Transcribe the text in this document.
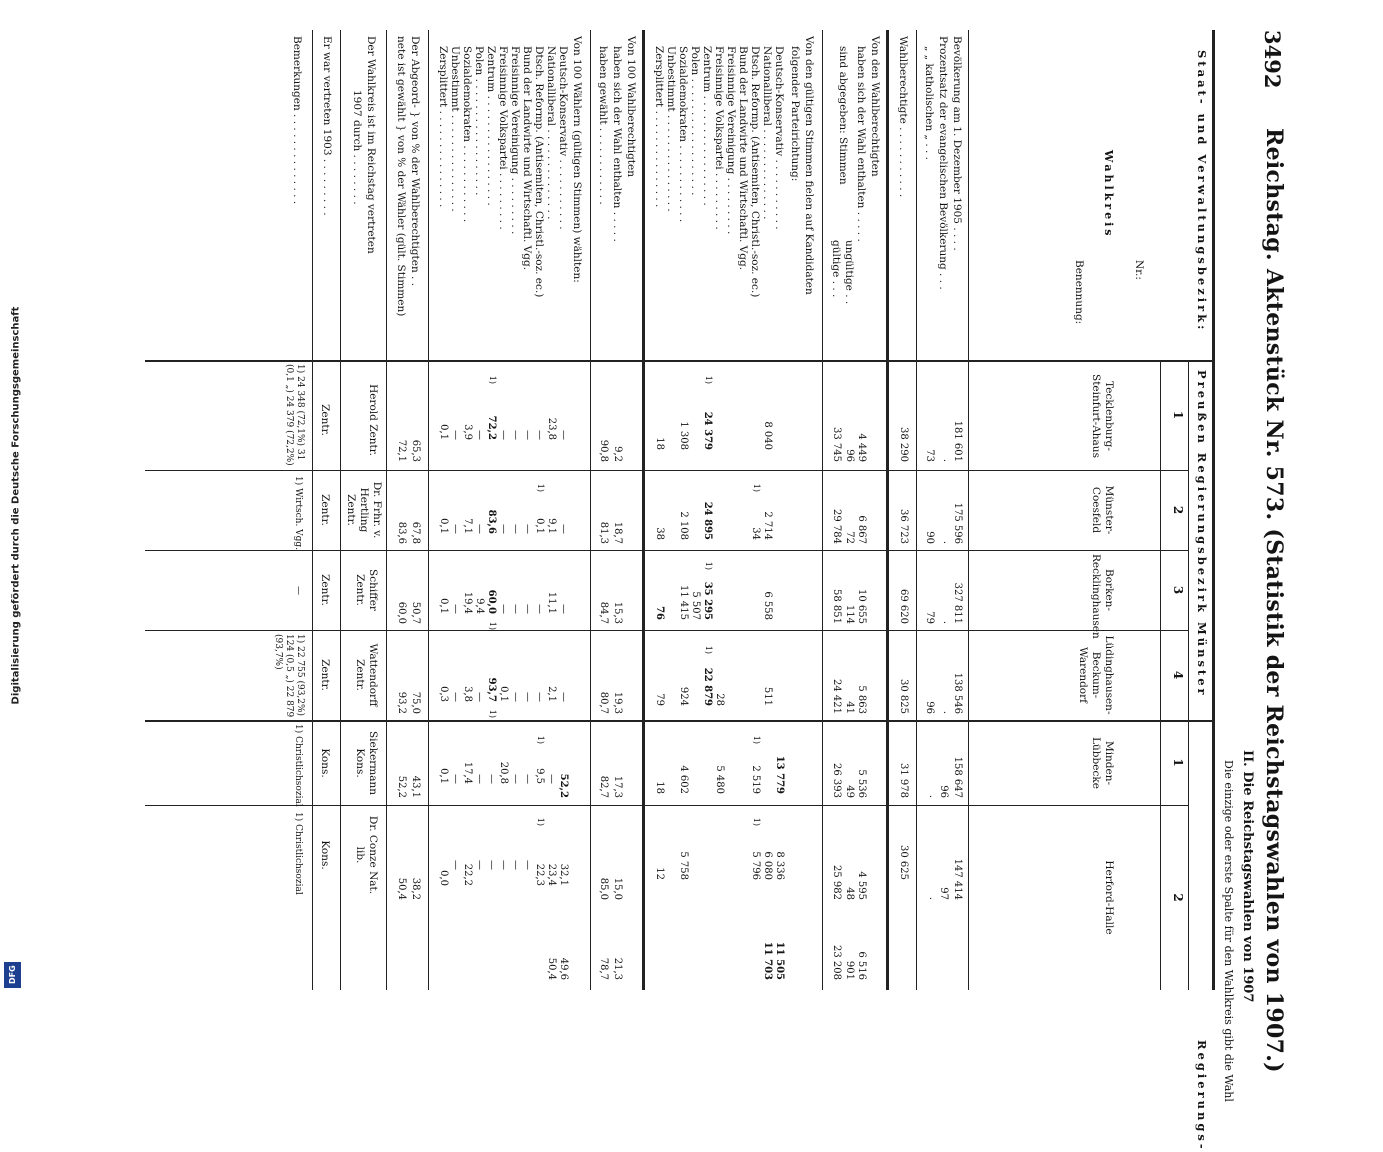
Digitalisierung gefördert durch die Deutsche Forschungsgemeinschaft
DFG
3492
Reichstag. Aktenstück Nr. 573. (Statistik der Reichstagswahlen von 1907.)
II. Die Reichstagswahlen von 1907
Die einzige oder erste Spalte für den Wahlkreis gibt die Wahl
Staat- und Verwaltungsbezirk:
Wahlkreis
Nr.:
Benennung:
Preußen Regierungsbezirk Münster
Regierungs-
1
2
3
4
1
2
Tecklenburg-Steinfurt-Ahaus
Münster-Coesfeld
Borken-Recklinghausen
Lüdinghausen-Beckum-Warendorf
Minden-Lübbecke
Herford-Halle
Bevölkerung am 1. Dezember 1905 . . . .
Prozentsatz der evangelischen Bevölkerung . . .
„ „ katholischen „ . . .
Wahlberechtigte . . . . . . . . . . .
Von den Wahlberechtigten
haben sich der Wahl enthalten . . . . .
sind abgegeben: Stimmen
ungültige . .
gültige . . .
Von den gültigen Stimmen fielen auf Kandidaten
folgender Parteirichtung:
Deutsch-Konservativ . . . . . . . . . . .
Nationalliberal . . . . . . . . . . . . . .
Dtsch. Reformp. (Antisemiten, Christl.-soz. ec.)
Bund der Landwirte und Wirtschaftl. Vgg.
Freisinnige Vereinigung . . . . . . . . .
Freisinnige Volkspartei . . . . . . . . .
Zentrum . . . . . . . . . . . . . . . . .
Polen . . . . . . . . . . . . . . . . . .
Sozialdemokraten . . . . . . . . . . . .
Unbestimmt . . . . . . . . . . . . . . .
Zersplittert . . . . . . . . . . . . . . .
Von 100 Wahlberechtigten
haben sich der Wahl enthalten . . . . .
haben gewählt . . . . . . . . . . . .
Von 100 Wählern (gültigen Stimmen) wählten:
Deutsch-Konservativ . . . . . . . . . . .
Nationalliberal . . . . . . . . . . . . . .
Dtsch. Reformp. (Antisemiten, Christl.-soz. ec.)
Bund der Landwirte und Wirtschaftl. Vgg.
Freisinnige Vereinigung . . . . . . . . .
Freisinnige Volkspartei . . . . . . . . .
Zentrum . . . . . . . . . . . . . . . . .
Polen . . . . . . . . . . . . . . . . . .
Sozialdemokraten . . . . . . . . . . . .
Unbestimmt . . . . . . . . . . . . . . .
Zersplittert . . . . . . . . . . . . . . .
Der Abgeord- } von % der Wahlberechtigten . .
nete ist gewählt } von % der Wähler (gült. Stimmen)
Der Wahlkreis ist im Reichstag vertreten
1907 durch . . . . . . . .
Er war vertreten 1903 . . . . . . . . .
Bemerkungen . . . . . . . . . . . . . .
181 601
·
73
38 290
4 449
96
33 745
8 040
24 379
1)
1 308
18
9,2
90,8
—
23,8
—
—
—
—
72,2
1)
—
3,9
—
0,1
65,3
72,1
Herold Zentr.
Zentr.
1) 24 348 (72,1%) 31 (0,1 „) 24 379 (72,2%)
175 596
·
90
36 723
6 867
72
29 784
2 714
34
1)
24 895
2 108
38
18,7
81,3
—
9,1
0,1
1)
—
—
—
83,6
—
7,1
—
0,1
67,8
83,6
Dr. Frhr. v. Hertling Zentr.
Zentr.
1) Wirtsch. Vgg.
327 811
·
79
69 620
10 655
114
58 851
6 558
35 295
1)
5 507
11 415
76
15,3
84,7
—
11,1
—
—
—
—
60,0
1)
9,4
19,4
—
0,1
50,7
60,0
Schiffer Zentr.
Zentr.
—
138 546
·
96
30 825
5 863
41
24 421
511
28
22 879
1)
924
79
19,3
80,7
—
2,1
—
—
—
0,1
93,7
1)
—
3,8
—
0,3
75,0
93,2
Wattendorff Zentr.
Zentr.
1) 22 755 (93,2%) 124 (0,5 „) 22 879 (93,7%)
158 647
96
·
31 978
5 536
49
26 393
13 779
2 519
1)
5 480
4 602
18
17,3
82,7
52,2
—
9,5
1)
—
—
20,8
—
—
17,4
—
0,1
43,1
52,2
Siekermann Kons.
Kons.
1) Christlichsozial
147 414
97
·
30 625
4 595
48
25 982
6 516
901
23 208
8 336
6 080
5 796
1)
11 505
11 703
5 758
12
15,0
85,0
21,3
78,7
32,1
23,4
22,3
1)
49,6
50,4
—
—
—
—
—
22,2
—
0,0
38,2
50,4
Dr. Conze Nat. lib.
Kons.
1) Christlichsozial
